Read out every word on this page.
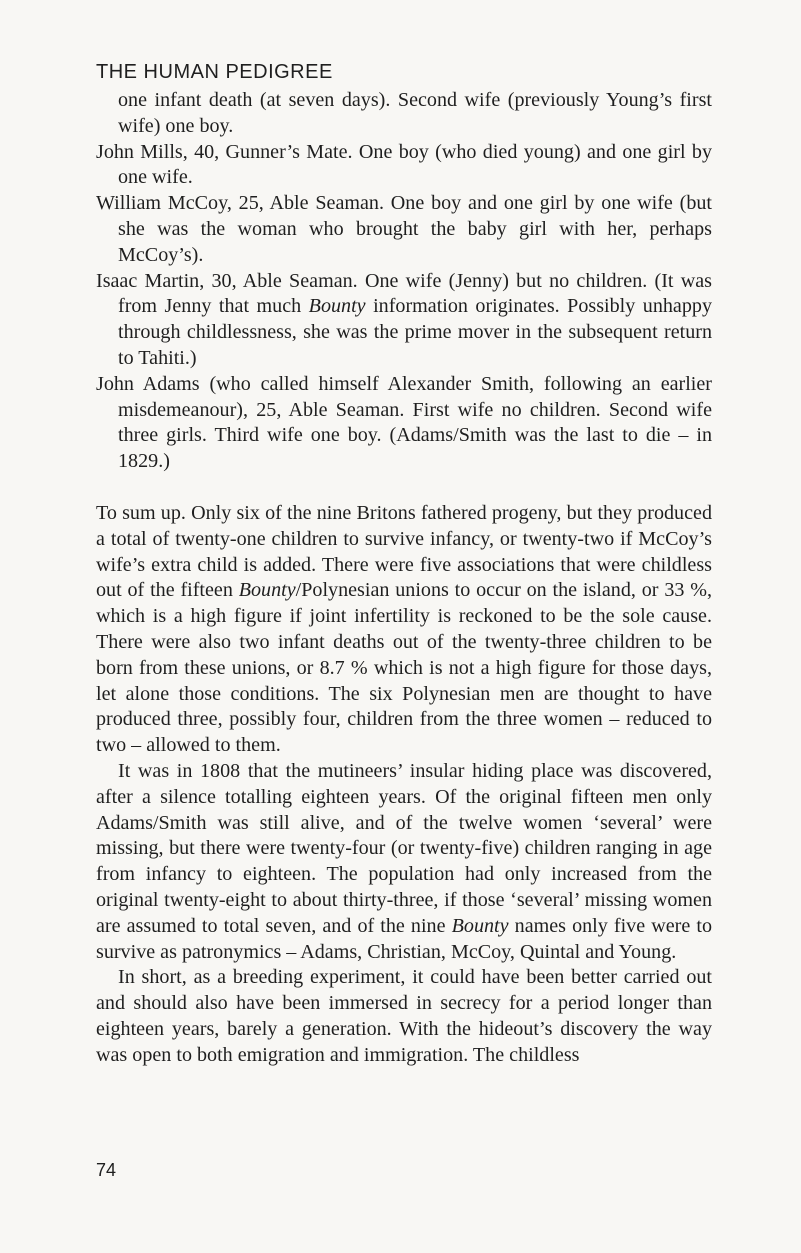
THE HUMAN PEDIGREE

one infant death (at seven days). Second wife (previously Young’s first wife) one boy.

John Mills, 40, Gunner’s Mate. One boy (who died young) and one girl by one wife.

William McCoy, 25, Able Seaman. One boy and one girl by one wife (but she was the woman who brought the baby girl with her, perhaps McCoy’s).

Isaac Martin, 30, Able Seaman. One wife (Jenny) but no children. (It was from Jenny that much Bounty information originates. Possibly unhappy through childlessness, she was the prime mover in the subsequent return to Tahiti.)

John Adams (who called himself Alexander Smith, following an earlier misdemeanour), 25, Able Seaman. First wife no children. Second wife three girls. Third wife one boy. (Adams/Smith was the last to die – in 1829.)

To sum up. Only six of the nine Britons fathered progeny, but they produced a total of twenty-one children to survive infancy, or twenty-two if McCoy’s wife’s extra child is added. There were five associations that were childless out of the fifteen Bounty/Polynesian unions to occur on the island, or 33 %, which is a high figure if joint infertility is reckoned to be the sole cause. There were also two infant deaths out of the twenty-three children to be born from these unions, or 8.7 % which is not a high figure for those days, let alone those conditions. The six Polynesian men are thought to have produced three, possibly four, children from the three women – reduced to two – allowed to them.

It was in 1808 that the mutineers’ insular hiding place was discovered, after a silence totalling eighteen years. Of the original fifteen men only Adams/Smith was still alive, and of the twelve women ‘several’ were missing, but there were twenty-four (or twenty-five) children ranging in age from infancy to eighteen. The population had only increased from the original twenty-eight to about thirty-three, if those ‘several’ missing women are assumed to total seven, and of the nine Bounty names only five were to survive as patronymics – Adams, Christian, McCoy, Quintal and Young.

In short, as a breeding experiment, it could have been better carried out and should also have been immersed in secrecy for a period longer than eighteen years, barely a generation. With the hideout’s discovery the way was open to both emigration and immigration. The childless

74
